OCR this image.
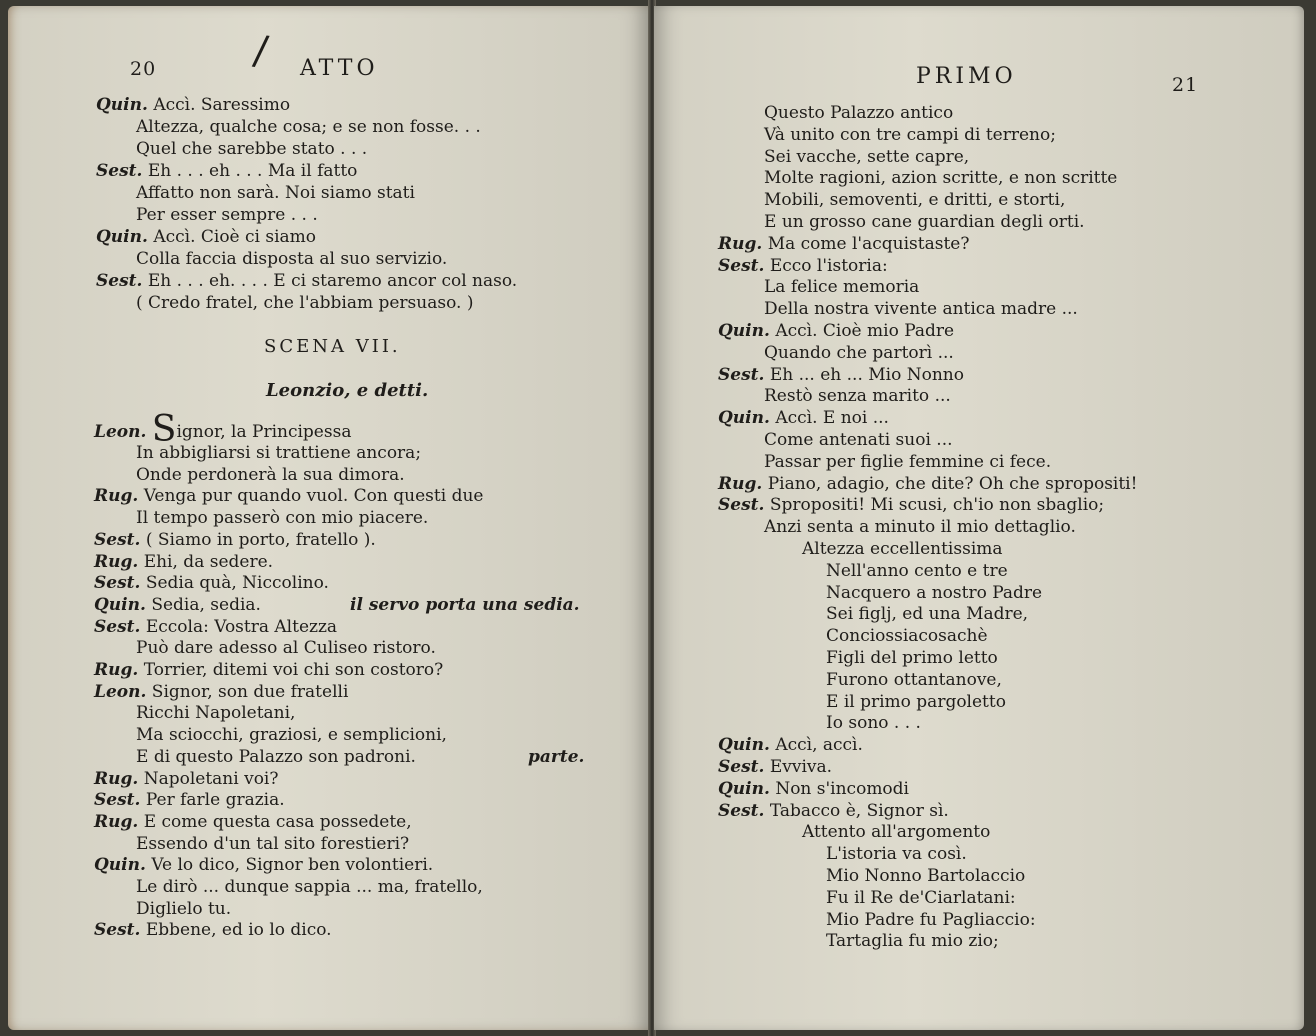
20 / ATTO
Quin. Accì. Saressimo
Altezza, qualche cosa; e se non fosse. . .
Quel che sarebbe stato . . .
Sest. Eh . . . eh . . . Ma il fatto
Affatto non sarà. Noi siamo stati
Per esser sempre . . .
Quin. Accì. Cioè ci siamo
Colla faccia disposta al suo servizio.
Sest. Eh . . . eh. . . . E ci staremo ancor col naso.
( Credo fratel, che l'abbiam persuaso. )
SCENA VII.
Leonzio, e detti.
Leon. Signor, la Principessa
In abbigliarsi si trattiene ancora;
Onde perdonerà la sua dimora.
Rug. Venga pur quando vuol. Con questi due
Il tempo passerò con mio piacere.
Sest. ( Siamo in porto, fratello ).
Rug. Ehi, da sedere.
Sest. Sedia quà, Niccolino.
Quin. Sedia, sedia.	il servo porta una sedia.
Sest. Eccola: Vostra Altezza
Può dare adesso al Culiseo ristoro.
Rug. Torrier, ditemi voi chi son costoro?
Leon. Signor, son due fratelli
Ricchi Napoletani,
Ma sciocchi, graziosi, e semplicioni,
E di questo Palazzo son padroni.	parte.
Rug. Napoletani voi?
Sest. Per farle grazia.
Rug. E come questa casa possedete,
Essendo d'un tal sito forestieri?
Quin. Ve lo dico, Signor ben volontieri.
Le dirò ... dunque sappia ... ma, fratello,
Diglielo tu.
Sest. Ebbene, ed io lo dico.
PRIMO	21
Questo Palazzo antico
Và unito con tre campi di terreno;
Sei vacche, sette capre,
Molte ragioni, azion scritte, e non scritte
Mobili, semoventi, e dritti, e storti,
E un grosso cane guardian degli orti.
Rug. Ma come l'acquistaste?
Sest. Ecco l'istoria:
La felice memoria
Della nostra vivente antica madre ...
Quin. Accì. Cioè mio Padre
Quando che partorì ...
Sest. Eh ... eh ... Mio Nonno
Restò senza marito ...
Quin. Accì. E noi ...
Come antenati suoi ...
Passar per figlie femmine ci fece.
Rug. Piano, adagio, che dite? Oh che spropositi!
Sest. Spropositi! Mi scusi, ch'io non sbaglio;
Anzi senta a minuto il mio dettaglio.
Altezza eccellentissima
Nell'anno cento e tre
Nacquero a nostro Padre
Sei figlj, ed una Madre,
Conciossiacosachè
Figli del primo letto
Furono ottantanove,
E il primo pargoletto
Io sono . . .
Quin. Accì, accì.
Sest. Evviva.
Quin. Non s'incomodi
Sest. Tabacco è, Signor sì.
Attento all'argomento
L'istoria va così.
Mio Nonno Bartolaccio
Fu il Re de'Ciarlatani:
Mio Padre fu Pagliaccio:
Tartaglia fu mio zio;
